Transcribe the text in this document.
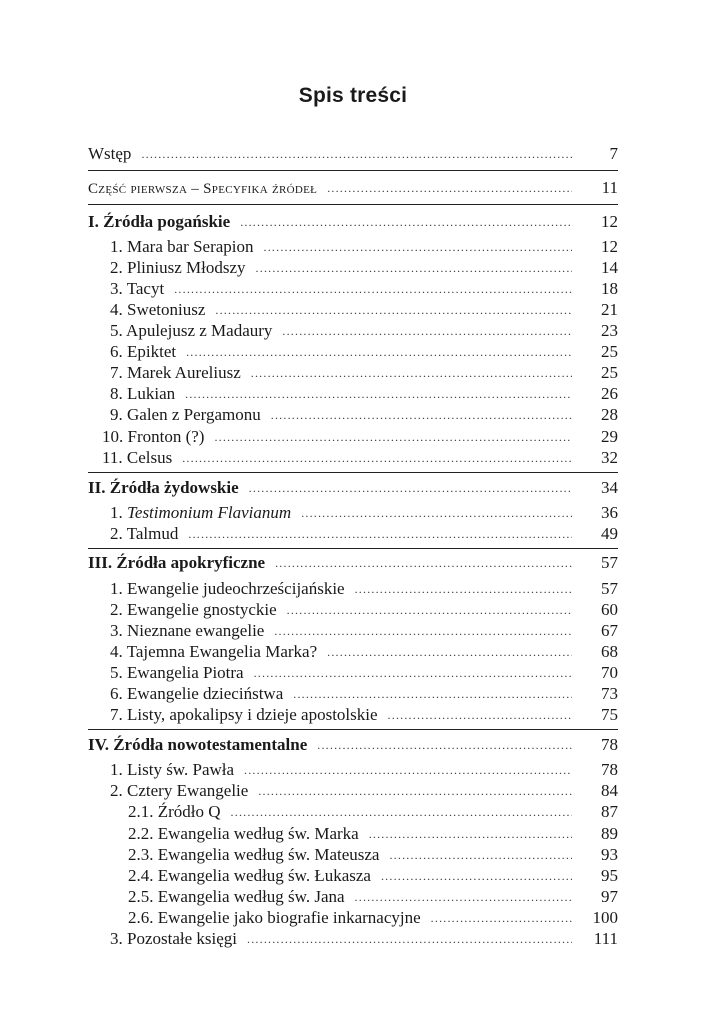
Spis treści
Wstęp .....	7
Część pierwsza – Specyfika źródeł .....	11
I. Źródła pogańskie .....	12
1. Mara bar Serapion .....	12
2. Pliniusz Młodszy .....	14
3. Tacyt .....	18
4. Swetoniusz .....	21
5. Apulejusz z Madaury .....	23
6. Epiktet .....	25
7. Marek Aureliusz .....	25
8. Lukian .....	26
9. Galen z Pergamonu .....	28
10. Fronton (?) .....	29
11. Celsus .....	32
II. Źródła żydowskie .....	34
1. Testimonium Flavianum .....	36
2. Talmud .....	49
III. Źródła apokryficzne .....	57
1. Ewangelie judeochrześcijańskie .....	57
2. Ewangelie gnostyckie .....	60
3. Nieznane ewangelie .....	67
4. Tajemna Ewangelia Marka? .....	68
5. Ewangelia Piotra .....	70
6. Ewangelie dzieciństwa .....	73
7. Listy, apokalipsy i dzieje apostolskie .....	75
IV. Źródła nowotestamentalne .....	78
1. Listy św. Pawła .....	78
2. Cztery Ewangelie .....	84
2.1. Źródło Q .....	87
2.2. Ewangelia według św. Marka .....	89
2.3. Ewangelia według św. Mateusza .....	93
2.4. Ewangelia według św. Łukasza .....	95
2.5. Ewangelia według św. Jana .....	97
2.6. Ewangelie jako biografie inkarnacyjne .....	100
3. Pozostałe księgi .....	111
